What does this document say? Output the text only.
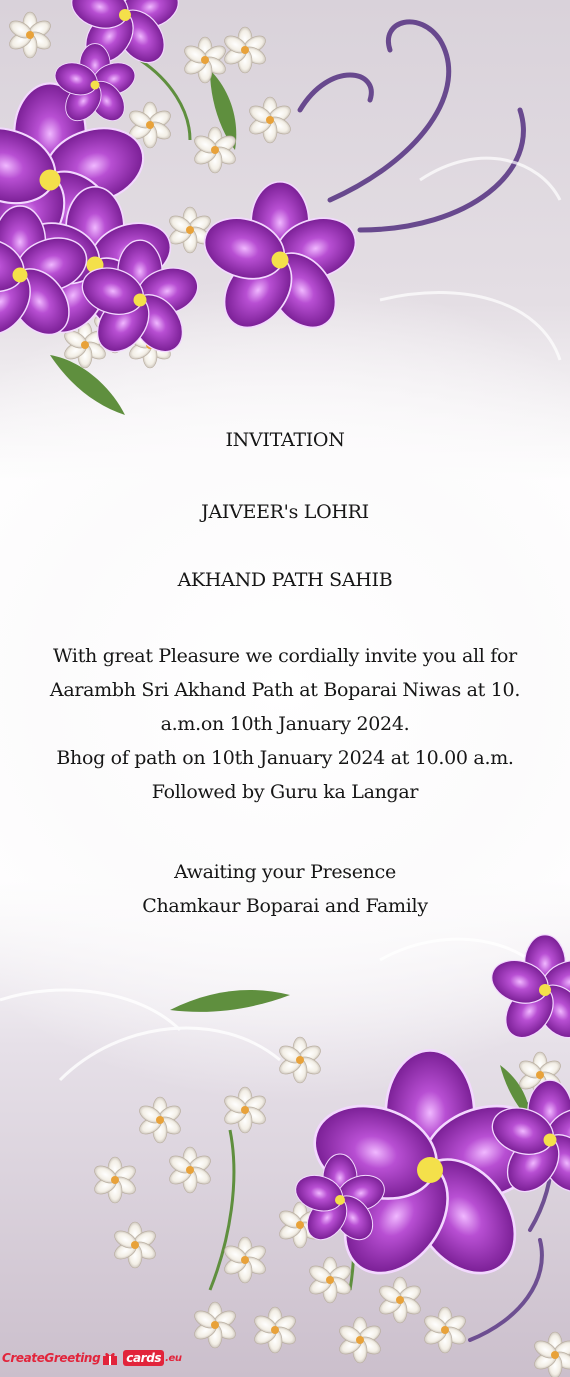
INVITATION
JAIVEER's LOHRI
AKHAND PATH SAHIB
With great Pleasure we cordially invite you all for
Aarambh Sri Akhand Path at Boparai Niwas at 10.
a.m.on 10th January 2024.
Bhog of path on 10th January 2024 at 10.00 a.m.
Followed by Guru ka Langar
Awaiting your Presence
Chamkaur Boparai and Family
CreateGreeting cards .eu
